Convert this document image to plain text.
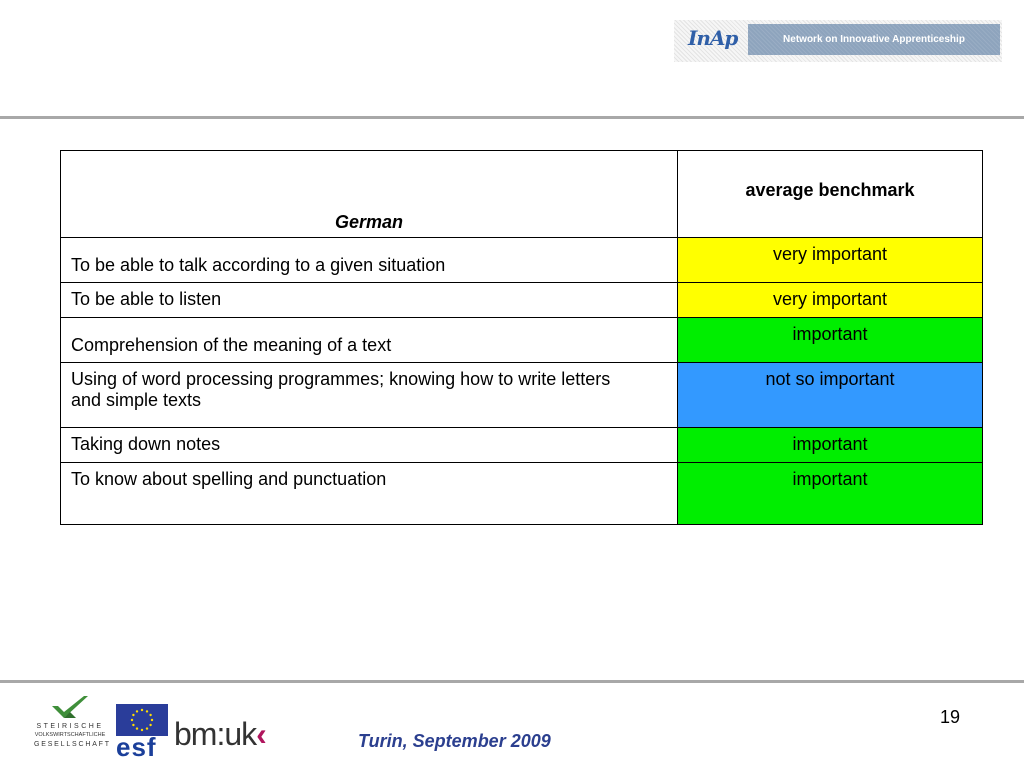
InAp	Network on Innovative Apprenticeship
German	average benchmark
To be able to talk according to a given situation	very important
To be able to listen	very important
Comprehension of the meaning of a text	important
Using of word processing programmes; knowing how to write letters and simple texts	not so important
Taking down notes	important
To know about spelling and punctuation	important
STEIRISCHE
VOLKSWIRTSCHAFTLICHE
GESELLSCHAFT esf bm:uk‹	Turin, September 2009
19
